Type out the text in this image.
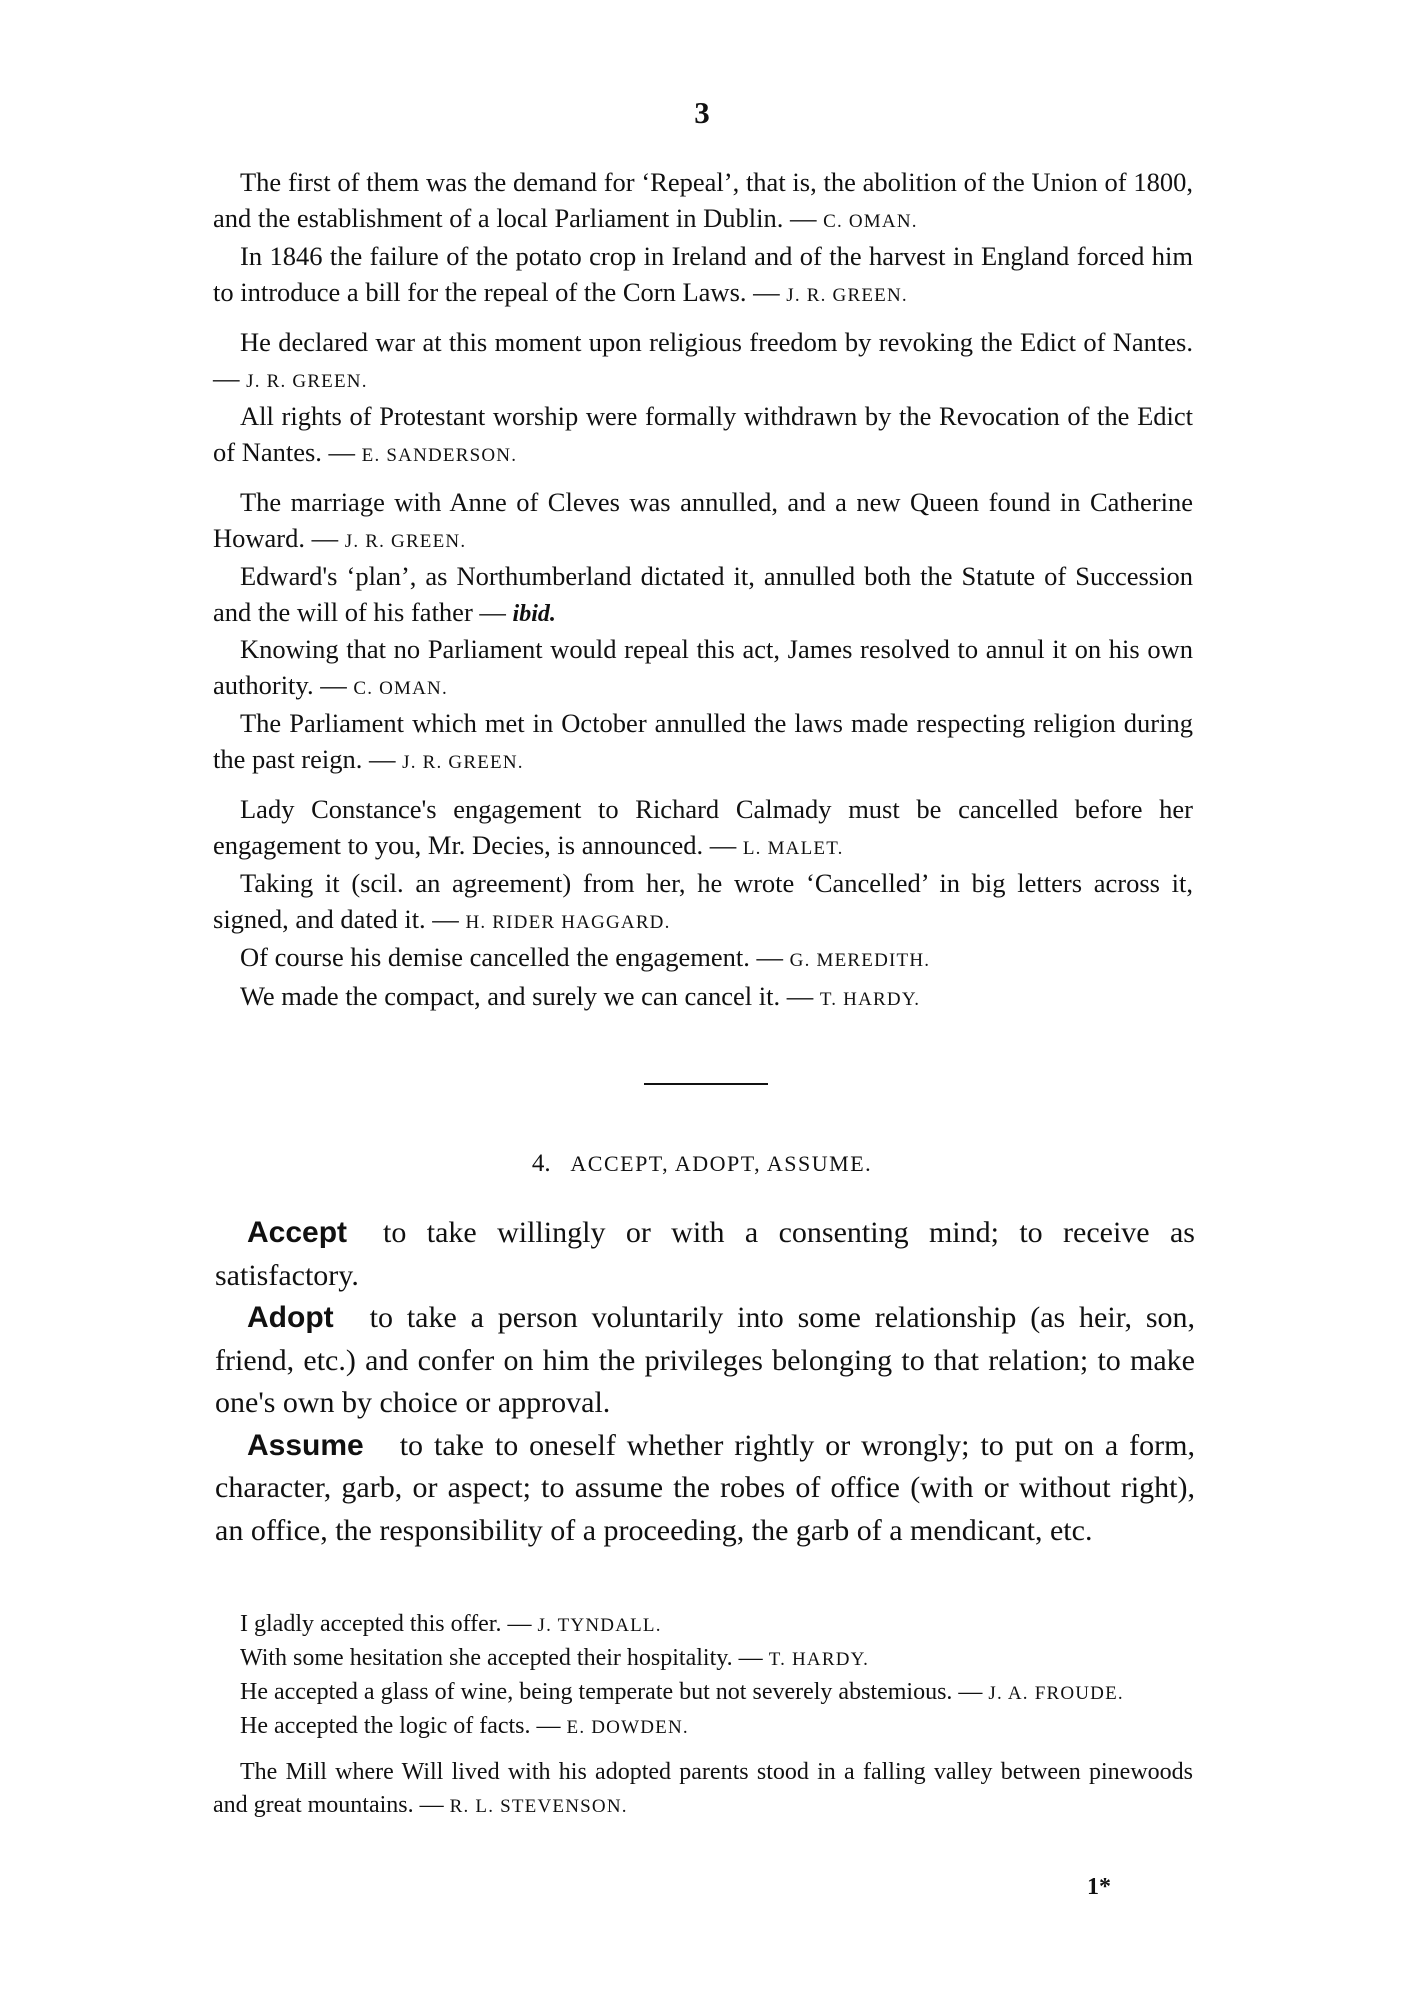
3

The first of them was the demand for ‘Repeal’, that is, the abolition of the Union of 1800, and the establishment of a local Parliament in Dublin. — C. OMAN.

In 1846 the failure of the potato crop in Ireland and of the harvest in England forced him to introduce a bill for the repeal of the Corn Laws. — J. R. GREEN.

He declared war at this moment upon religious freedom by revoking the Edict of Nantes. — J. R. GREEN.

All rights of Protestant worship were formally withdrawn by the Revocation of the Edict of Nantes. — E. SANDERSON.

The marriage with Anne of Cleves was annulled, and a new Queen found in Catherine Howard. — J. R. GREEN.

Edward's ‘plan’, as Northumberland dictated it, annulled both the Statute of Succession and the will of his father — ibid.

Knowing that no Parliament would repeal this act, James resolved to annul it on his own authority. — C. OMAN.

The Parliament which met in October annulled the laws made respecting religion during the past reign. — J. R. GREEN.

Lady Constance's engagement to Richard Calmady must be cancelled before her engagement to you, Mr. Decies, is announced. — L. MALET.

Taking it (scil. an agreement) from her, he wrote ‘Cancelled’ in big letters across it, signed, and dated it. — H. RIDER HAGGARD.

Of course his demise cancelled the engagement. — G. MEREDITH.

We made the compact, and surely we can cancel it. — T. HARDY.

4. ACCEPT, ADOPT, ASSUME.

Accept to take willingly or with a consenting mind; to receive as satisfactory.

Adopt to take a person voluntarily into some relationship (as heir, son, friend, etc.) and confer on him the privileges belonging to that relation; to make one's own by choice or approval.

Assume to take to oneself whether rightly or wrongly; to put on a form, character, garb, or aspect; to assume the robes of office (with or without right), an office, the responsibility of a proceeding, the garb of a mendicant, etc.

I gladly accepted this offer. — J. TYNDALL.

With some hesitation she accepted their hospitality. — T. HARDY.

He accepted a glass of wine, being temperate but not severely abstemious. — J. A. FROUDE.

He accepted the logic of facts. — E. DOWDEN.

The Mill where Will lived with his adopted parents stood in a falling valley between pinewoods and great mountains. — R. L. STEVENSON.

1*
